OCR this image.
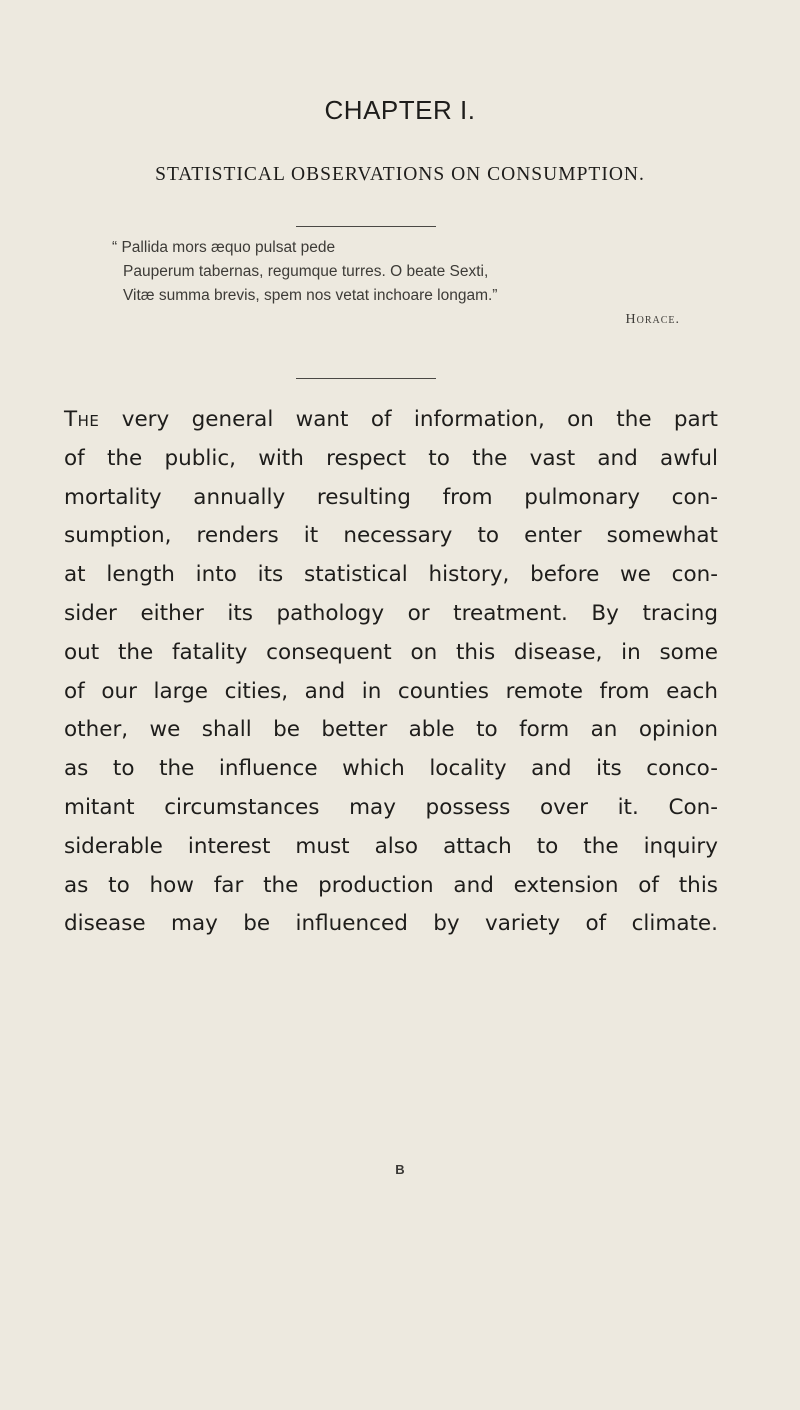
CHAPTER I.
STATISTICAL OBSERVATIONS ON CONSUMPTION.
“ Pallida mors æquo pulsat pede
Pauperum tabernas, regumque turres. O beate Sexti,
Vitæ summa brevis, spem nos vetat inchoare longam.”
Horace.
The very general want of information, on the part
of the public, with respect to the vast and awful
mortality annually resulting from pulmonary con-
sumption, renders it necessary to enter somewhat
at length into its statistical history, before we con-
sider either its pathology or treatment. By tracing
out the fatality consequent on this disease, in some
of our large cities, and in counties remote from each
other, we shall be better able to form an opinion
as to the influence which locality and its conco-
mitant circumstances may possess over it. Con-
siderable interest must also attach to the inquiry
as to how far the production and extension of this
disease may be influenced by variety of climate.
B
